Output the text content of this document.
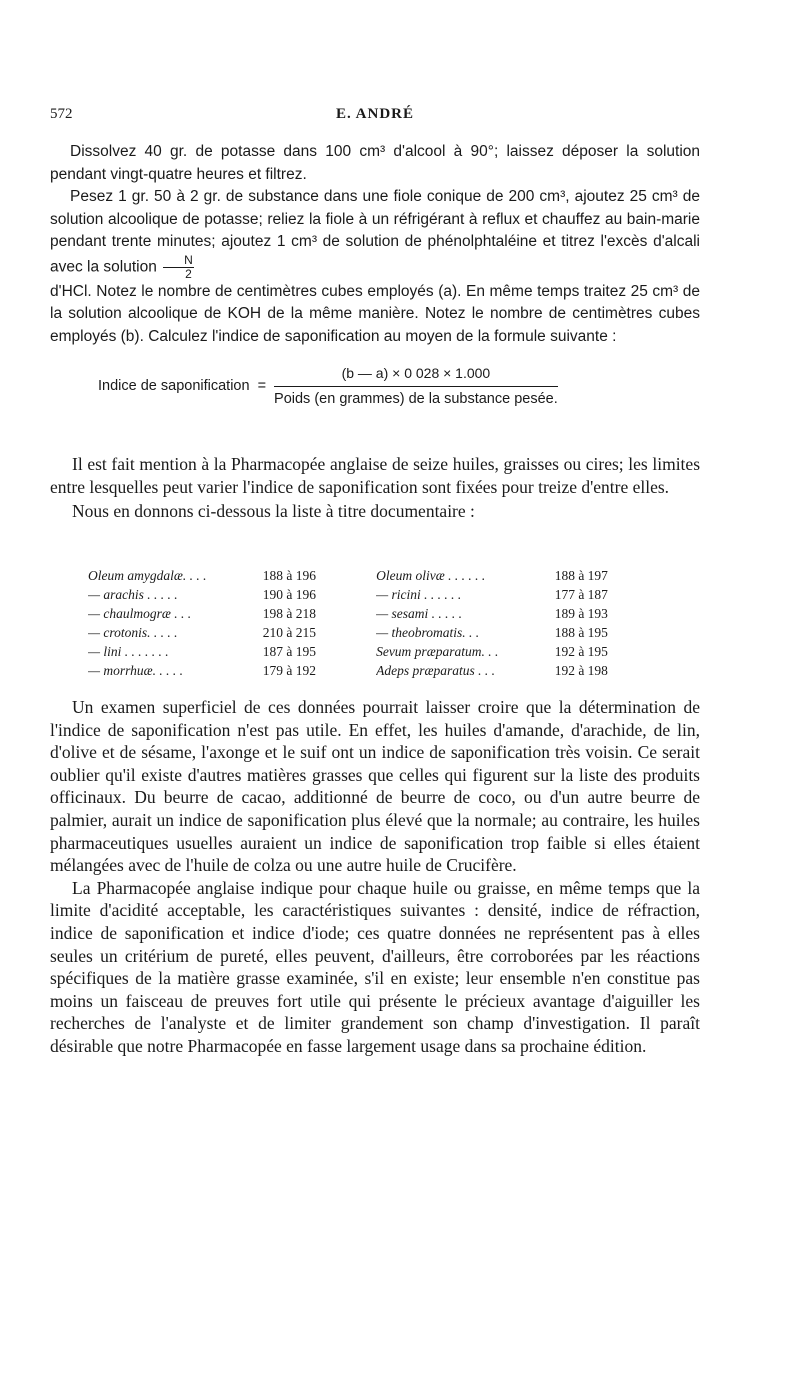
572	E. ANDRÉ

Dissolvez 40 gr. de potasse dans 100 cm³ d'alcool à 90°; laissez déposer la solution pendant vingt-quatre heures et filtrez.

Pesez 1 gr. 50 à 2 gr. de substance dans une fiole conique de 200 cm³, ajoutez 25 cm³ de solution alcoolique de potasse; reliez la fiole à un réfrigérant à reflux et chauffez au bain-marie pendant trente minutes; ajoutez 1 cm³ de solution de phénolphtaléine et titrez l'excès d'alcali avec la solution $\frac{N}{2}$

d'HCl. Notez le nombre de centimètres cubes employés (a). En même temps traitez 25 cm³ de la solution alcoolique de KOH de la même manière. Notez le nombre de centimètres cubes employés (b). Calculez l'indice de saponification au moyen de la formule suivante :

Indice de saponification = $\frac{(b — a) \times 0 028 \times 1.000}{\text{Poids (en grammes) de la substance pesée.}}$

Il est fait mention à la Pharmacopée anglaise de seize huiles, graisses ou cires; les limites entre lesquelles peut varier l'indice de saponification sont fixées pour treize d'entre elles.

Nous en donnons ci-dessous la liste à titre documentaire :

Oleum amygdalæ. . . .	188 à 196	Oleum olivæ . . . . . .	188 à 197
— arachis . . . . .	190 à 196	— ricini . . . . . .	177 à 187
— chaulmogræ . . .	198 à 218	— sesami . . . . .	189 à 193
— crotonis. . . . .	210 à 215	— theobromatis. . .	188 à 195
— lini . . . . . . .	187 à 195	Sevum præparatum. . .	192 à 195
— morrhuæ. . . . .	179 à 192	Adeps præparatus . . .	192 à 198

Un examen superficiel de ces données pourrait laisser croire que la détermination de l'indice de saponification n'est pas utile. En effet, les huiles d'amande, d'arachide, de lin, d'olive et de sésame, l'axonge et le suif ont un indice de saponification très voisin. Ce serait oublier qu'il existe d'autres matières grasses que celles qui figurent sur la liste des produits officinaux. Du beurre de cacao, additionné de beurre de coco, ou d'un autre beurre de palmier, aurait un indice de saponification plus élevé que la normale; au contraire, les huiles pharmaceutiques usuelles auraient un indice de saponification trop faible si elles étaient mélangées avec de l'huile de colza ou une autre huile de Crucifère.

La Pharmacopée anglaise indique pour chaque huile ou graisse, en même temps que la limite d'acidité acceptable, les caractéristiques suivantes : densité, indice de réfraction, indice de saponification et indice d'iode; ces quatre données ne représentent pas à elles seules un critérium de pureté, elles peuvent, d'ailleurs, être corroborées par les réactions spécifiques de la matière grasse examinée, s'il en existe; leur ensemble n'en constitue pas moins un faisceau de preuves fort utile qui présente le précieux avantage d'aiguiller les recherches de l'analyste et de limiter grandement son champ d'investigation. Il paraît désirable que notre Pharmacopée en fasse largement usage dans sa prochaine édition.
